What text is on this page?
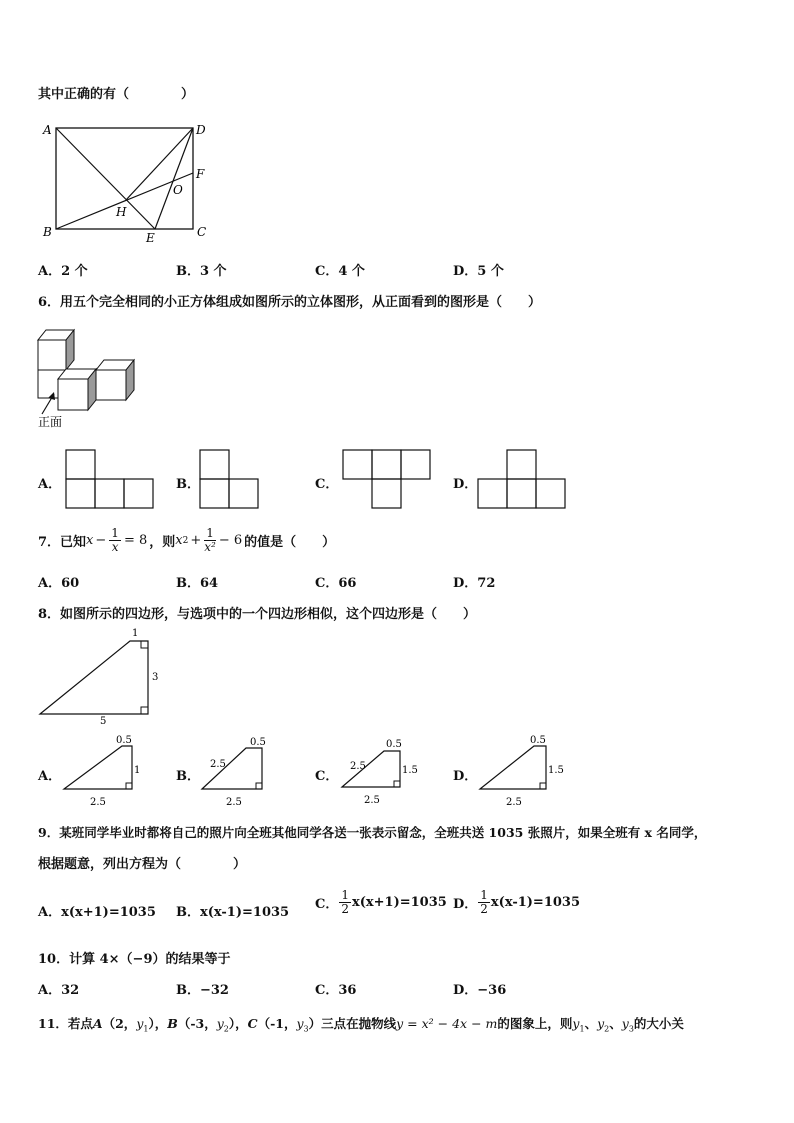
其中正确的有（　　　　）
A	D
B	C
F
O
H
E
A．2 个	B．3 个	C．4 个	D．5 个
6．用五个完全相同的小正方体组成如图所示的立体图形，从正面看到的图形是（　　）
正面
A．	B．	C．	D．
7．已知 $x - \frac{1}{x} = 8$ ，则 x $2 + \frac{1}{\text{x²}} - 6$ 的值是（　　）
A．60	B．64	C．66	D．72
8．如图所示的四边形，与选项中的一个四边形相似，这个四边形是（　　）
1
3
5
A．
0.5
1
2.5
B．
0.5
2.5
2.5
C．
0.5
2.5	1.5
2.5
D．
0.5
1.5
2.5
9．某班同学毕业时都将自己的照片向全班其他同学各送一张表示留念，全班共送 1035 张照片，如果全班有 x 名同学，
根据题意，列出方程为（　　　　）
A．x(x+1)=1035 B．x(x-1)=1035
C． $\frac{1}{2} x(x+1)=1035$ D． $\frac{1}{2} x(x-1)=1035$
10．计算 4×（−9）的结果等于
A．32	B．−32	C．36	D．−36
11．若点A（2，$y_1$），B（-3，$y_2$），C（-1，$y_3$）三点在抛物线y = x² − 4x − m的图象上，则$y_1$、$y_2$、$y_3$的大小关
